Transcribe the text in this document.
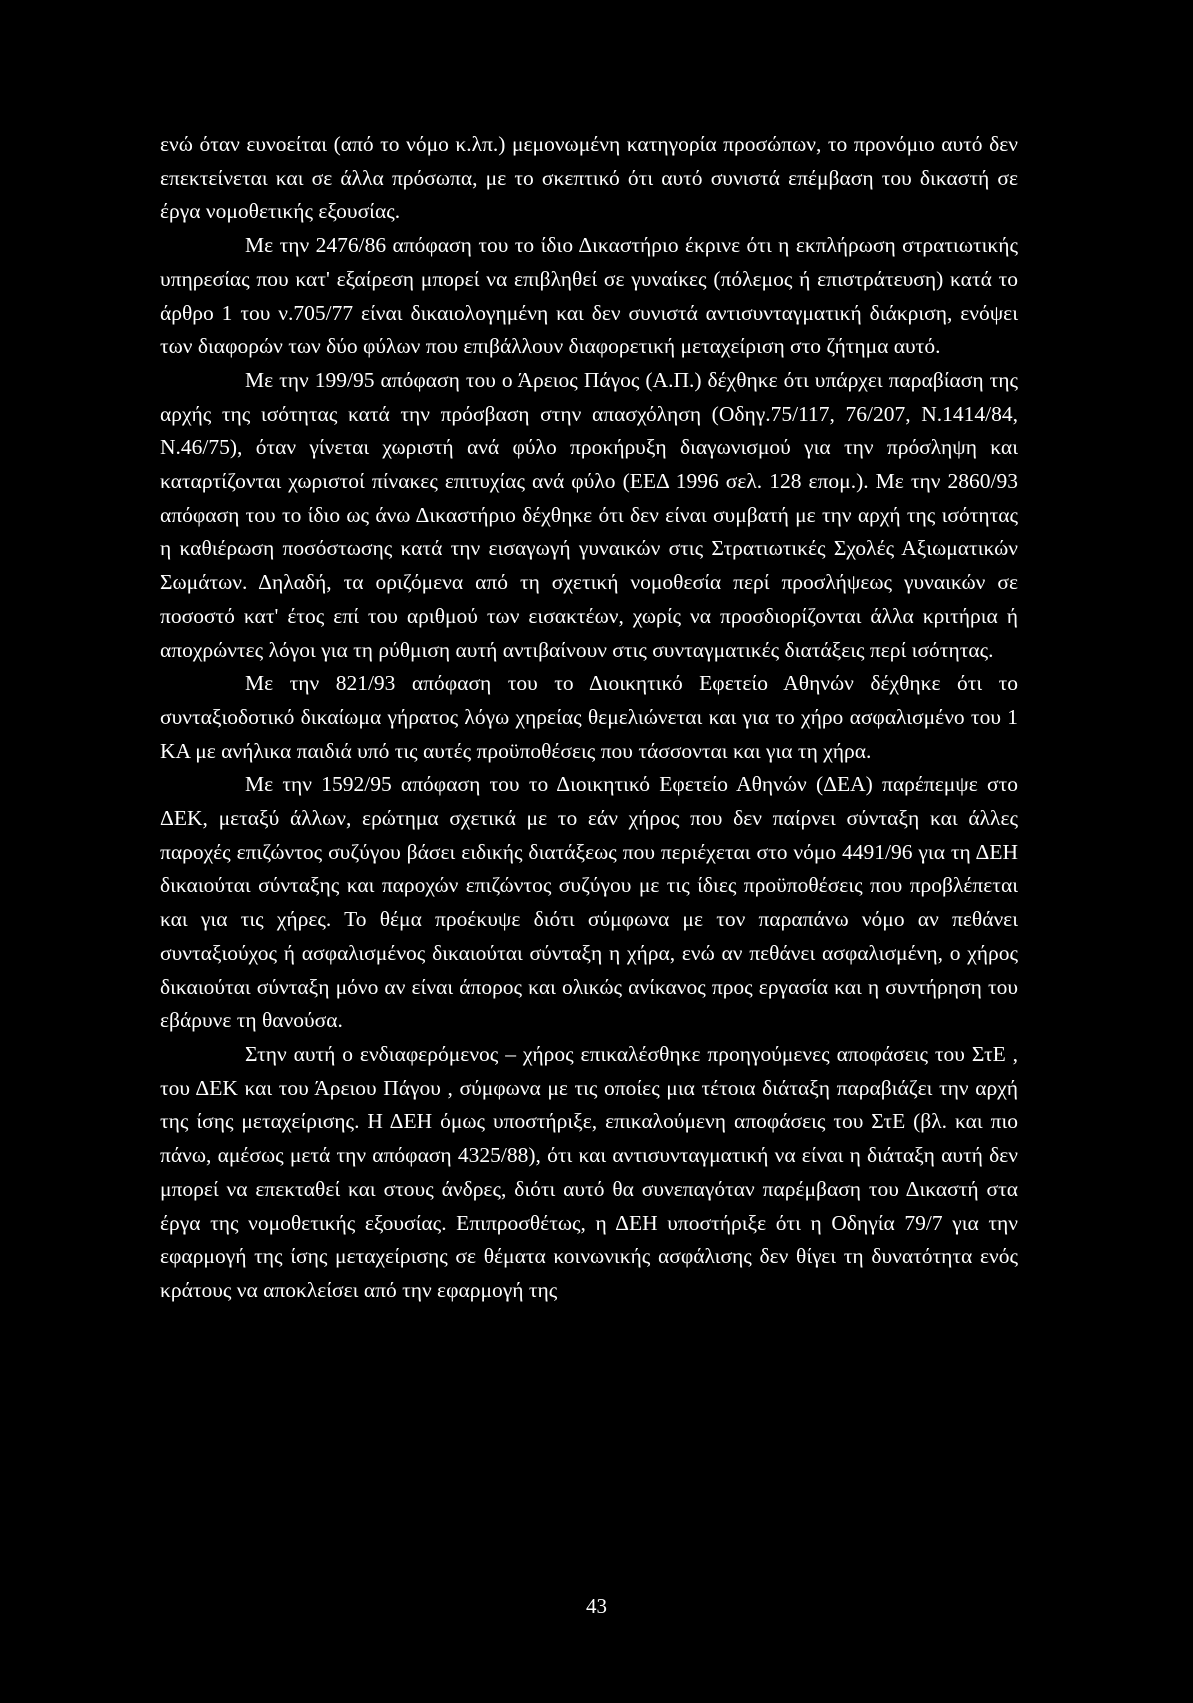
ενώ όταν ευνοείται (από το νόμο κ.λπ.) μεμονωμένη κατηγορία προσώπων, το προνόμιο αυτό δεν επεκτείνεται και σε άλλα πρόσωπα, με το σκεπτικό ότι αυτό συνιστά επέμβαση του δικαστή σε έργα νομοθετικής εξουσίας.

Με την 2476/86 απόφαση του το ίδιο Δικαστήριο έκρινε ότι η εκπλήρωση στρατιωτικής υπηρεσίας που κατ' εξαίρεση μπορεί να επιβληθεί σε γυναίκες (πόλεμος ή επιστράτευση) κατά το άρθρο 1 του ν.705/77 είναι δικαιολογημένη και δεν συνιστά αντισυνταγματική διάκριση, ενόψει των διαφορών των δύο φύλων που επιβάλλουν διαφορετική μεταχείριση στο ζήτημα αυτό.

Με την 199/95 απόφαση του ο Άρειος Πάγος (Α.Π.) δέχθηκε ότι υπάρχει παραβίαση της αρχής της ισότητας κατά την πρόσβαση στην απασχόληση (Οδηγ.75/117, 76/207, Ν.1414/84, Ν.46/75), όταν γίνεται χωριστή ανά φύλο προκήρυξη διαγωνισμού για την πρόσληψη και καταρτίζονται χωριστοί πίνακες επιτυχίας ανά φύλο (ΕΕΔ 1996 σελ. 128 επομ.). Με την 2860/93 απόφαση του το ίδιο ως άνω Δικαστήριο δέχθηκε ότι δεν είναι συμβατή με την αρχή της ισότητας η καθιέρωση ποσόστωσης κατά την εισαγωγή γυναικών στις Στρατιωτικές Σχολές Αξιωματικών Σωμάτων. Δηλαδή, τα οριζόμενα από τη σχετική νομοθεσία περί προσλήψεως γυναικών σε ποσοστό κατ' έτος επί του αριθμού των εισακτέων, χωρίς να προσδιορίζονται άλλα κριτήρια ή αποχρώντες λόγοι για τη ρύθμιση αυτή αντιβαίνουν στις συνταγματικές διατάξεις περί ισότητας.

Με την 821/93 απόφαση του το Διοικητικό Εφετείο Αθηνών δέχθηκε ότι το συνταξιοδοτικό δικαίωμα γήρατος λόγω χηρείας θεμελιώνεται και για το χήρο ασφαλισμένο του 1 ΚΑ με ανήλικα παιδιά υπό τις αυτές προϋποθέσεις που τάσσονται και για τη χήρα.

Με την 1592/95 απόφαση του το Διοικητικό Εφετείο Αθηνών (ΔΕΑ) παρέπεμψε στο ΔΕΚ, μεταξύ άλλων, ερώτημα σχετικά με το εάν χήρος που δεν παίρνει σύνταξη και άλλες παροχές επιζώντος συζύγου βάσει ειδικής διατάξεως που περιέχεται στο νόμο 4491/96 για τη ΔΕΗ δικαιούται σύνταξης και παροχών επιζώντος συζύγου με τις ίδιες προϋποθέσεις που προβλέπεται και για τις χήρες. Το θέμα προέκυψε διότι σύμφωνα με τον παραπάνω νόμο αν πεθάνει συνταξιούχος ή ασφαλισμένος δικαιούται σύνταξη η χήρα, ενώ αν πεθάνει ασφαλισμένη, ο χήρος δικαιούται σύνταξη μόνο αν είναι άπορος και ολικώς ανίκανος προς εργασία και η συντήρηση του εβάρυνε τη θανούσα.

Στην αυτή ο ενδιαφερόμενος – χήρος επικαλέσθηκε προηγούμενες αποφάσεις του ΣτΕ , του ΔΕΚ και του Άρειου Πάγου , σύμφωνα με τις οποίες μια τέτοια διάταξη παραβιάζει την αρχή της ίσης μεταχείρισης. Η ΔΕΗ όμως υποστήριξε, επικαλούμενη αποφάσεις του ΣτΕ (βλ. και πιο πάνω, αμέσως μετά την απόφαση 4325/88), ότι και αντισυνταγματική να είναι η διάταξη αυτή δεν μπορεί να επεκταθεί και στους άνδρες, διότι αυτό θα συνεπαγόταν παρέμβαση του Δικαστή στα έργα της νομοθετικής εξουσίας. Επιπροσθέτως, η ΔΕΗ υποστήριξε ότι η Οδηγία 79/7 για την εφαρμογή της ίσης μεταχείρισης σε θέματα κοινωνικής ασφάλισης δεν θίγει τη δυνατότητα ενός κράτους να αποκλείσει από την εφαρμογή της

43
